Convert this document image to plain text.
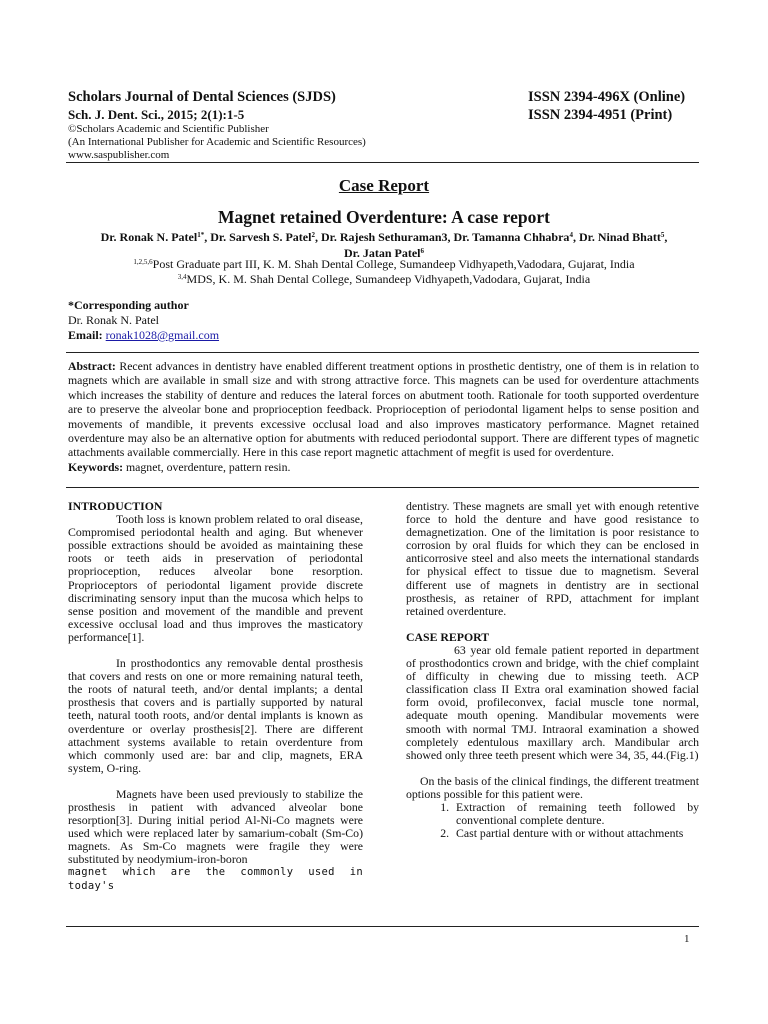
Scholars Journal of Dental Sciences (SJDS)
Sch. J. Dent. Sci., 2015; 2(1):1-5
©Scholars Academic and Scientific Publisher
(An International Publisher for Academic and Scientific Resources)
www.saspublisher.com
ISSN 2394-496X (Online)
ISSN 2394-4951 (Print)
Case Report
Magnet retained Overdenture: A case report
Dr. Ronak N. Patel$^{1*}$, Dr. Sarvesh S. Patel$^2$, Dr. Rajesh Sethuraman3, Dr. Tamanna Chhabra$^4$, Dr. Ninad Bhatt$^5$,
Dr. Jatan Patel$^6$
$^{1,2,5,6}$Post Graduate part III, K. M. Shah Dental College, Sumandeep Vidhyapeth,Vadodara, Gujarat, India
$^{3,4}$MDS, K. M. Shah Dental College, Sumandeep Vidhyapeth,Vadodara, Gujarat, India
*Corresponding author
Dr. Ronak N. Patel
Email: ronak1028@gmail.com
Abstract: Recent advances in dentistry have enabled different treatment options in prosthetic dentistry, one of them is in relation to magnets which are available in small size and with strong attractive force. This magnets can be used for overdenture attachments which increases the stability of denture and reduces the lateral forces on abutment tooth. Rationale for tooth supported overdenture are to preserve the alveolar bone and proprioception feedback. Proprioception of periodontal ligament helps to sense position and movements of mandible, it prevents excessive occlusal load and also improves masticatory performance. Magnet retained overdenture may also be an alternative option for abutments with reduced periodontal support. There are different types of magnetic attachments available commercially. Here in this case report magnetic attachment of megfit is used for overdenture.
Keywords: magnet, overdenture, pattern resin.

INTRODUCTION

Tooth loss is known problem related to oral disease, Compromised periodontal health and aging. But whenever possible extractions should be avoided as maintaining these roots or teeth aids in preservation of periodontal proprioception, reduces alveolar bone resorption. Proprioceptors of periodontal ligament provide discrete discriminating sensory input than the mucosa which helps to sense position and movement of the mandible and prevent excessive occlusal load and thus improves the masticatory performance[1].

In prosthodontics any removable dental prosthesis that covers and rests on one or more remaining natural teeth, the roots of natural teeth, and/or dental implants; a dental prosthesis that covers and is partially supported by natural teeth, natural tooth roots, and/or dental implants is known as overdenture or overlay prosthesis[2]. There are different attachment systems available to retain overdenture from which commonly used are: bar and clip, magnets, ERA system, O-ring.

Magnets have been used previously to stabilize the prosthesis in patient with advanced alveolar bone resorption[3]. During initial period Al-Ni-Co magnets were used which were replaced later by samarium-cobalt (Sm-Co) magnets. As Sm-Co magnets were fragile they were substituted by neodymium-iron-boron

magnet which are the commonly used in today's

dentistry. These magnets are small yet with enough retentive force to hold the denture and have good resistance to demagnetization. One of the limitation is poor resistance to corrosion by oral fluids for which they can be enclosed in anticorrosive steel and also meets the international standards for physical effect to tissue due to magnetism. Several different use of magnets in dentistry are in sectional prosthesis, as retainer of RPD, attachment for implant retained overdenture.

CASE REPORT

63 year old female patient reported in department of prosthodontics crown and bridge, with the chief complaint of difficulty in chewing due to missing teeth. ACP classification class II Extra oral examination showed facial form ovoid, profileconvex, facial muscle tone normal, adequate mouth opening. Mandibular movements were smooth with normal TMJ. Intraoral examination a showed completely edentulous maxillary arch. Mandibular arch showed only three teeth present which were 34, 35, 44.(Fig.1)

On the basis of the clinical findings, the different treatment options possible for this patient were.

1. Extraction of remaining teeth followed by conventional complete denture.
2. Cast partial denture with or without attachments
1
